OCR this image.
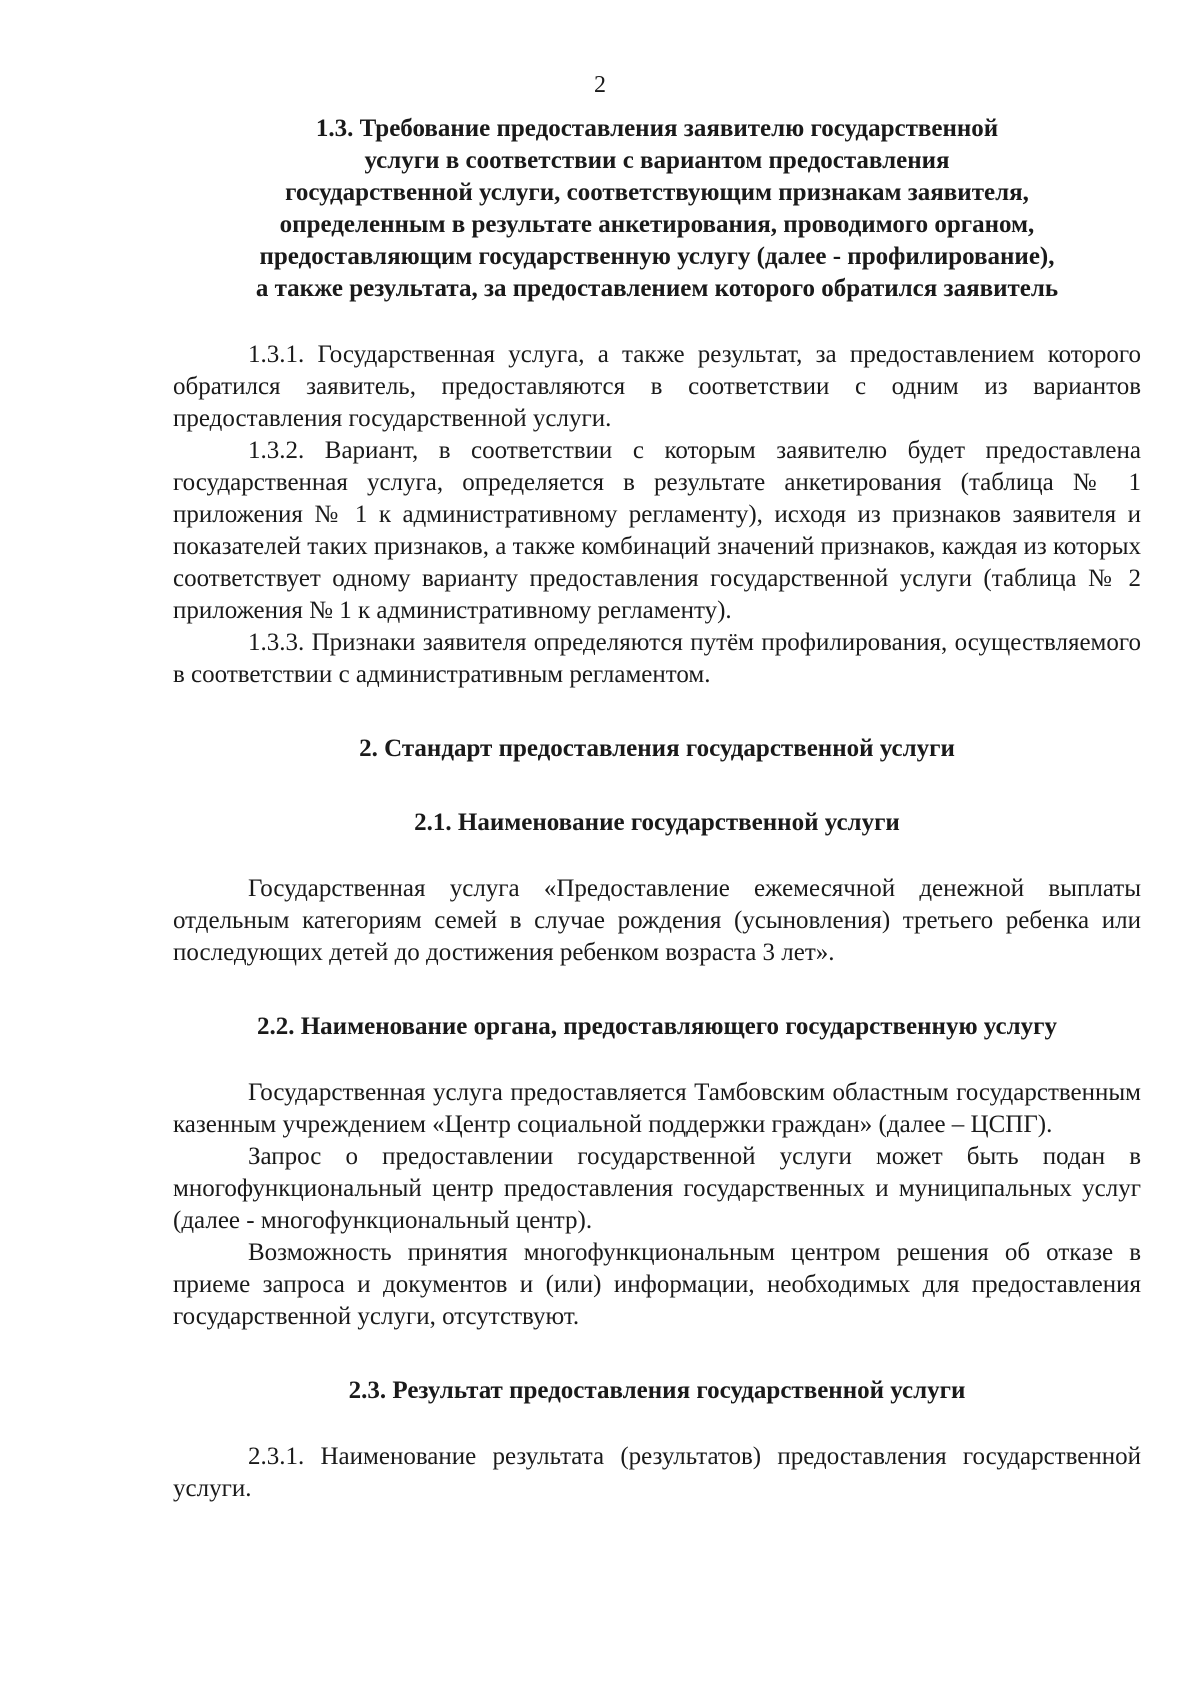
2
1.3. Требование предоставления заявителю государственной
услуги в соответствии с вариантом предоставления
государственной услуги, соответствующим признакам заявителя,
определенным в результате анкетирования, проводимого органом,
предоставляющим государственную услугу (далее - профилирование),
а также результата, за предоставлением которого обратился заявитель

1.3.1. Государственная услуга, а также результат, за предоставлением которого обратился заявитель, предоставляются в соответствии с одним из вариантов предоставления государственной услуги.

1.3.2. Вариант, в соответствии с которым заявителю будет предоставлена государственная услуга, определяется в результате анкетирования (таблица № 1 приложения № 1 к административному регламенту), исходя из признаков заявителя и показателей таких признаков, а также комбинаций значений признаков, каждая из которых соответствует одному варианту предоставления государственной услуги (таблица № 2 приложения № 1 к административному регламенту).

1.3.3. Признаки заявителя определяются путём профилирования, осуществляемого в соответствии с административным регламентом.

2. Стандарт предоставления государственной услуги
2.1. Наименование государственной услуги

Государственная услуга «Предоставление ежемесячной денежной выплаты отдельным категориям семей в случае рождения (усыновления) третьего ребенка или последующих детей до достижения ребенком возраста 3 лет».

2.2. Наименование органа, предоставляющего государственную услугу

Государственная услуга предоставляется Тамбовским областным государственным казенным учреждением «Центр социальной поддержки граждан» (далее – ЦСПГ).

Запрос о предоставлении государственной услуги может быть подан в многофункциональный центр предоставления государственных и муниципальных услуг (далее - многофункциональный центр).

Возможность принятия многофункциональным центром решения об отказе в приеме запроса и документов и (или) информации, необходимых для предоставления государственной услуги, отсутствуют.

2.3. Результат предоставления государственной услуги

2.3.1. Наименование результата (результатов) предоставления государственной услуги.
